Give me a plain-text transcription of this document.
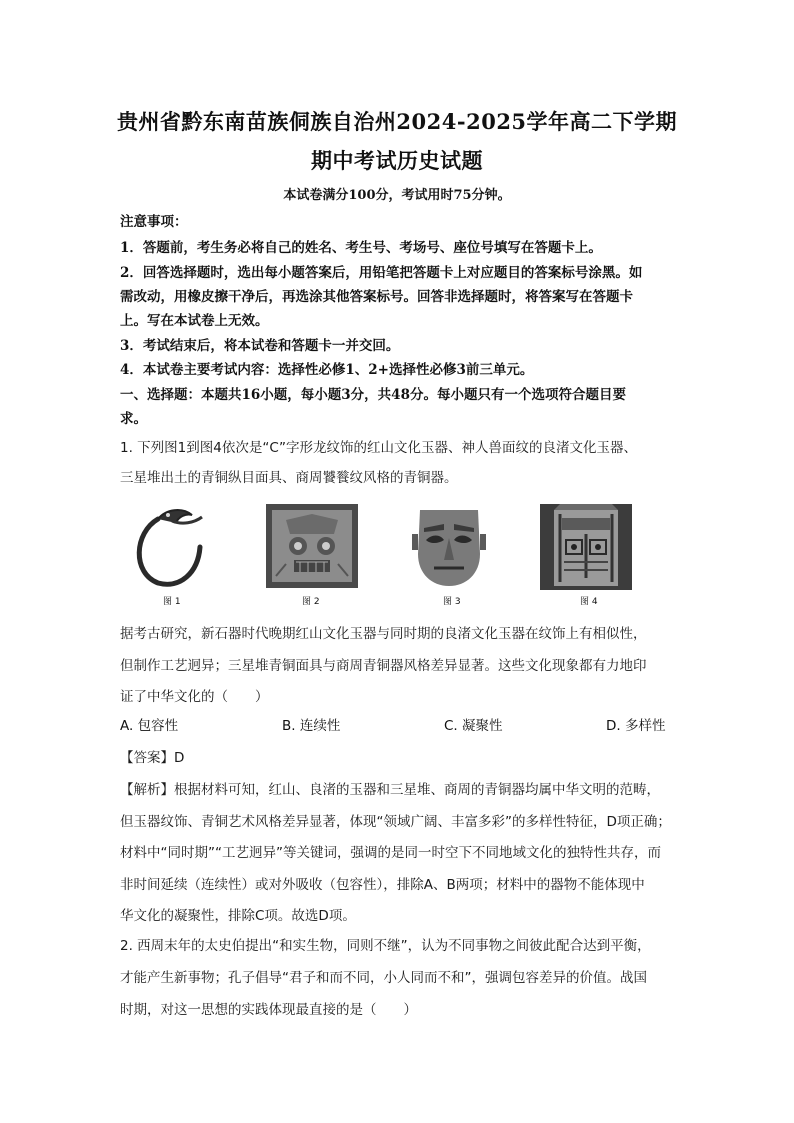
贵州省黔东南苗族侗族自治州2024-2025学年高二下学期
期中考试历史试题
本试卷满分100分，考试用时75分钟。
注意事项：
1．答题前，考生务必将自己的姓名、考生号、考场号、座位号填写在答题卡上。
2．回答选择题时，选出每小题答案后，用铅笔把答题卡上对应题目的答案标号涂黑。如
需改动，用橡皮擦干净后，再选涂其他答案标号。回答非选择题时，将答案写在答题卡
上。写在本试卷上无效。
3．考试结束后，将本试卷和答题卡一并交回。
4．本试卷主要考试内容：选择性必修1、2+选择性必修3前三单元。
一、选择题：本题共16小题，每小题3分，共48分。每小题只有一个选项符合题目要
求。
1. 下列图1到图4依次是“C”字形龙纹饰的红山文化玉器、神人兽面纹的良渚文化玉器、
三星堆出土的青铜纵目面具、商周饕餮纹风格的青铜器。
图 1	图 2	图 3	图 4
据考古研究，新石器时代晚期红山文化玉器与同时期的良渚文化玉器在纹饰上有相似性，
但制作工艺迥异；三星堆青铜面具与商周青铜器风格差异显著。这些文化现象都有力地印
证了中华文化的（　　）
A. 包容性	B. 连续性	C. 凝聚性	D. 多样性
【答案】D
【解析】根据材料可知，红山、良渚的玉器和三星堆、商周的青铜器均属中华文明的范畴，
但玉器纹饰、青铜艺术风格差异显著，体现“领域广阔、丰富多彩”的多样性特征，D项正确；
材料中“同时期”“工艺迥异”等关键词，强调的是同一时空下不同地域文化的独特性共存，而
非时间延续（连续性）或对外吸收（包容性），排除A、B两项；材料中的器物不能体现中
华文化的凝聚性，排除C项。故选D项。
2. 西周末年的太史伯提出“和实生物，同则不继”，认为不同事物之间彼此配合达到平衡，
才能产生新事物；孔子倡导“君子和而不同，小人同而不和”，强调包容差异的价值。战国
时期，对这一思想的实践体现最直接的是（　　）
